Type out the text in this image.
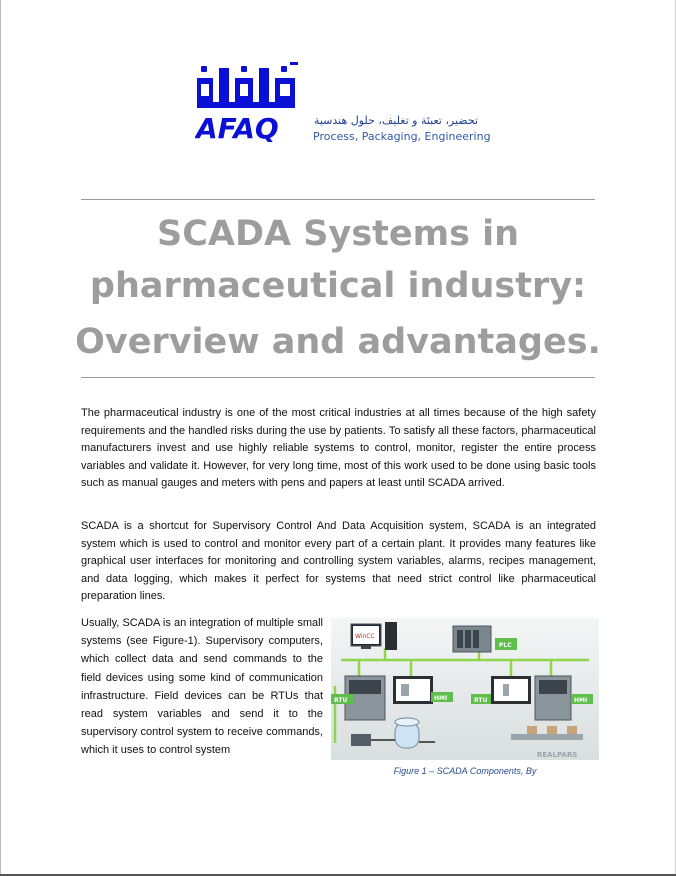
AFAQ	تحضير، تعبئة و تغليف، حلول هندسية
Process, Packaging, Engineering
SCADA Systems in
pharmaceutical industry:
Overview and advantages.

The pharmaceutical industry is one of the most critical industries at all times because of the high safety requirements and the handled risks during the use by patients. To satisfy all these factors, pharmaceutical manufacturers invest and use highly reliable systems to control, monitor, register the entire process variables and validate it. However, for very long time, most of this work used to be done using basic tools such as manual gauges and meters with pens and papers at least until SCADA arrived.

SCADA is a shortcut for Supervisory Control And Data Acquisition system, SCADA is an integrated system which is used to control and monitor every part of a certain plant. It provides many features like graphical user interfaces for monitoring and controlling system variables, alarms, recipes management, and data logging, which makes it perfect for systems that need strict control like pharmaceutical preparation lines.

Usually, SCADA is an integration of multiple small systems (see Figure-1). Supervisory computers, which collect data and send commands to the field devices using some kind of communication infrastructure. Field devices can be RTUs that read system variables and send it to the supervisory control system to receive commands, which it uses to control system

WinCC
PLC
RTU	HMI	RTU	HMI
REALPARS
Figure 1 – SCADA Components, By
